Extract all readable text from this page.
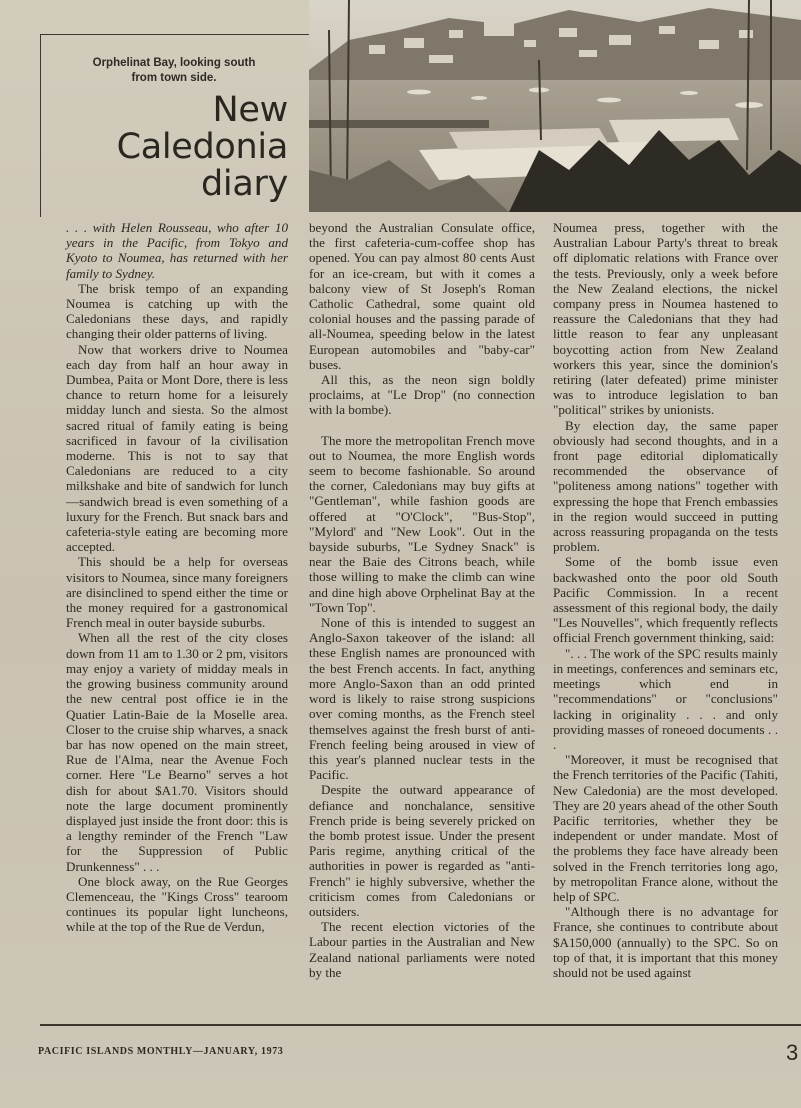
Orphelinat Bay, looking south
from town side.
New
Caledonia
diary

. . . with Helen Rousseau, who after 10 years in the Pacific, from Tokyo and Kyoto to Noumea, has returned with her family to Sydney.

The brisk tempo of an expanding Noumea is catching up with the Caledonians these days, and rapidly changing their older patterns of living.

Now that workers drive to Noumea each day from half an hour away in Dumbea, Paita or Mont Dore, there is less chance to return home for a leisurely midday lunch and siesta. So the almost sacred ritual of family eating is being sacrificed in favour of la civilisation moderne. This is not to say that Caledonians are reduced to a city milkshake and bite of sandwich for lunch—sandwich bread is even something of a luxury for the French. But snack bars and cafeteria-style eating are becoming more accepted.

This should be a help for overseas visitors to Noumea, since many foreigners are disinclined to spend either the time or the money required for a gastronomical French meal in outer bayside suburbs.

When all the rest of the city closes down from 11 am to 1.30 or 2 pm, visitors may enjoy a variety of midday meals in the growing business community around the new central post office ie in the Quatier Latin-Baie de la Moselle area. Closer to the cruise ship wharves, a snack bar has now opened on the main street, Rue de l'Alma, near the Avenue Foch corner. Here "Le Bearno" serves a hot dish for about $A1.70. Visitors should note the large document prominently displayed just inside the front door: this is a lengthy reminder of the French "Law for the Suppression of Public Drunkenness" . . .

One block away, on the Rue Georges Clemenceau, the "Kings Cross" tearoom continues its popular light luncheons, while at the top of the Rue de Verdun,

beyond the Australian Consulate office, the first cafeteria-cum-coffee shop has opened. You can pay almost 80 cents Aust for an ice-cream, but with it comes a balcony view of St Joseph's Roman Catholic Cathedral, some quaint old colonial houses and the passing parade of all-Noumea, speeding below in the latest European automobiles and "baby-car" buses.

All this, as the neon sign boldly proclaims, at "Le Drop" (no connection with la bombe).

The more the metropolitan French move out to Noumea, the more English words seem to become fashionable. So around the corner, Caledonians may buy gifts at "Gentleman", while fashion goods are offered at "O'Clock", "Bus-Stop", "Mylord' and "New Look". Out in the bayside suburbs, "Le Sydney Snack" is near the Baie des Citrons beach, while those willing to make the climb can wine and dine high above Orphelinat Bay at the "Town Top".

None of this is intended to suggest an Anglo-Saxon takeover of the island: all these English names are pronounced with the best French accents. In fact, anything more Anglo-Saxon than an odd printed word is likely to raise strong suspicions over coming months, as the French steel themselves against the fresh burst of anti-French feeling being aroused in view of this year's planned nuclear tests in the Pacific.

Despite the outward appearance of defiance and nonchalance, sensitive French pride is being severely pricked on the bomb protest issue. Under the present Paris regime, anything critical of the authorities in power is regarded as "anti-French" ie highly subversive, whether the criticism comes from Caledonians or outsiders.

The recent election victories of the Labour parties in the Australian and New Zealand national parliaments were noted by the

Noumea press, together with the Australian Labour Party's threat to break off diplomatic relations with France over the tests. Previously, only a week before the New Zealand elections, the nickel company press in Noumea hastened to reassure the Caledonians that they had little reason to fear any unpleasant boycotting action from New Zealand workers this year, since the dominion's retiring (later defeated) prime minister was to introduce legislation to ban "political" strikes by unionists.

By election day, the same paper obviously had second thoughts, and in a front page editorial diplomatically recommended the observance of "politeness among nations" together with expressing the hope that French embassies in the region would succeed in putting across reassuring propaganda on the tests problem.

Some of the bomb issue even backwashed onto the poor old South Pacific Commission. In a recent assessment of this regional body, the daily "Les Nouvelles", which frequently reflects official French government thinking, said:

". . . The work of the SPC results mainly in meetings, conferences and seminars etc, meetings which end in "recommendations" or "conclusions" lacking in originality . . . and only providing masses of roneoed documents . . .

"Moreover, it must be recognised that the French territories of the Pacific (Tahiti, New Caledonia) are the most developed. They are 20 years ahead of the other South Pacific territories, whether they be independent or under mandate. Most of the problems they face have already been solved in the French territories long ago, by metropolitan France alone, without the help of SPC.

"Although there is no advantage for France, she continues to contribute about $A150,000 (annually) to the SPC. So on top of that, it is important that this money should not be used against

PACIFIC ISLANDS MONTHLY—JANUARY, 1973	3
